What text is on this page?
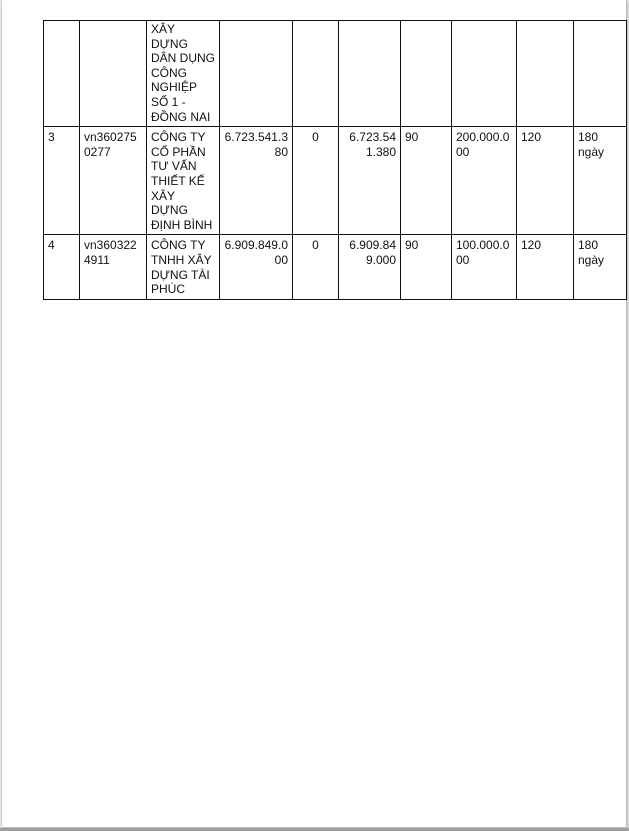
		XÂY DỰNG DÂN DỤNG CÔNG NGHIỆP SỐ 1 - ĐỒNG NAI							
3	vn3602750277	CÔNG TY CỔ PHẦN TƯ VẤN THIẾT KẾ XÂY DỰNG ĐỊNH BÌNH	6.723.541.380	0	6.723.541.380	90	200.000.000	120	180 ngày
4	vn3603224911	CÔNG TY TNHH XÂY DỰNG TÀI PHÚC	6.909.849.000	0	6.909.849.000	90	100.000.000	120	180 ngày
